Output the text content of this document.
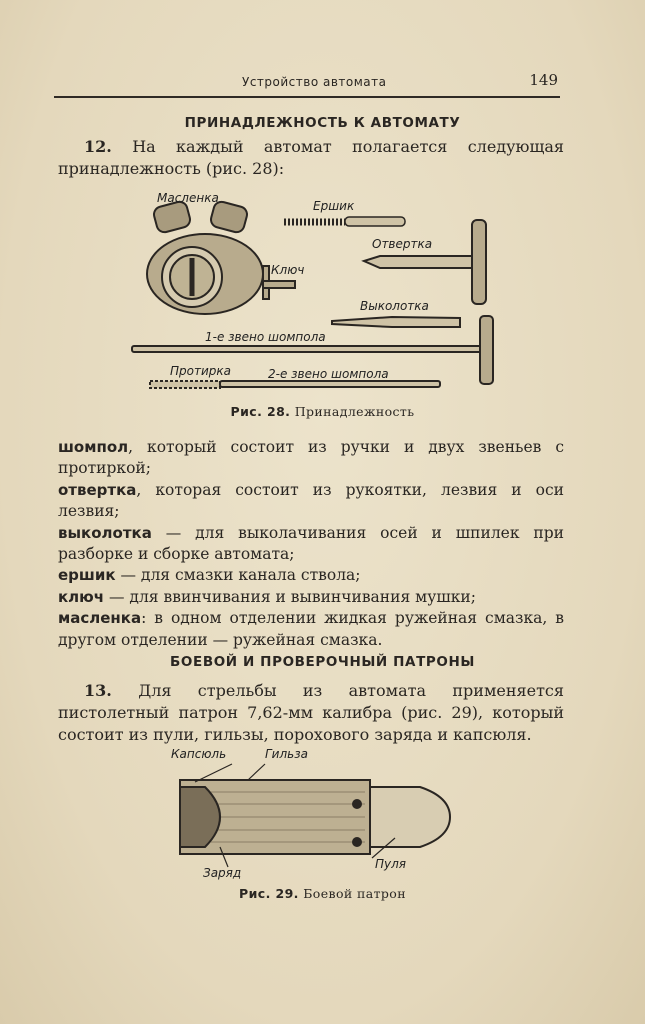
Устройство автомата	149
ПРИНАДЛЕЖНОСТЬ К АВТОМАТУ
12. На каждый автомат полагается следующая принадлежность (рис. 28):
Масленка
Ершик
Ключ
Отвертка
Выколотка
1-е звено шомпола
Протирка	2-е звено шомпола
Рис. 28. Принадлежность

шомпол, который состоит из ручки и двух звеньев с протиркой;

отвертка, которая состоит из рукоятки, лезвия и оси лезвия;

выколотка — для выколачивания осей и шпилек при разборке и сборке автомата;

ершик — для смазки канала ствола;

ключ — для ввинчивания и вывинчивания мушки;

масленка: в одном отделении жидкая ружейная смазка, в другом отделении — ружейная смазка.

БОЕВОЙ И ПРОВЕРОЧНЫЙ ПАТРОНЫ
13. Для стрельбы из автомата применяется пистолетный патрон 7,62-мм калибра (рис. 29), который состоит из пули, гильзы, порохового заряда и капсюля.
Капсюль	Гильза
Заряд
Пуля
Рис. 29. Боевой патрон
